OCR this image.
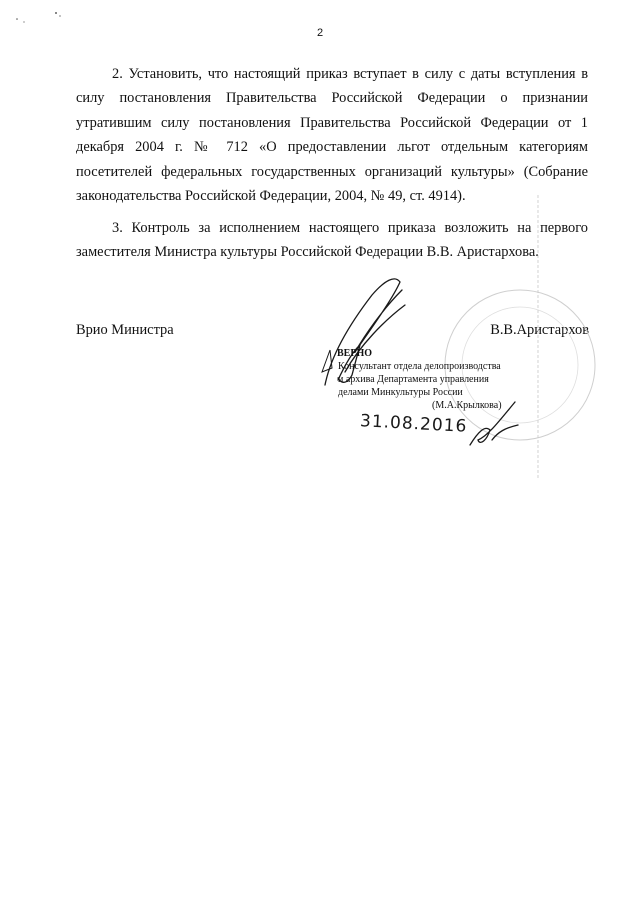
2

2. Установить, что настоящий приказ вступает в силу с даты вступления в силу постановления Правительства Российской Федерации о признании утратившим силу постановления Правительства Российской Федерации от 1 декабря 2004 г. № 712 «О предоставлении льгот отдельным категориям посетителей федеральных государственных организаций культуры» (Собрание законодательства Российской Федерации, 2004, № 49, ст. 4914).

3. Контроль за исполнением настоящего приказа возложить на первого заместителя Министра культуры Российской Федерации В.В. Аристархова.

Врио Министра	В.В.Аристархов
ВЕРНО
Консультант отдела делопроизводства
и архива Департамента управления
делами Минкультуры России
(М.А.Крылкова)
31.08.2016
